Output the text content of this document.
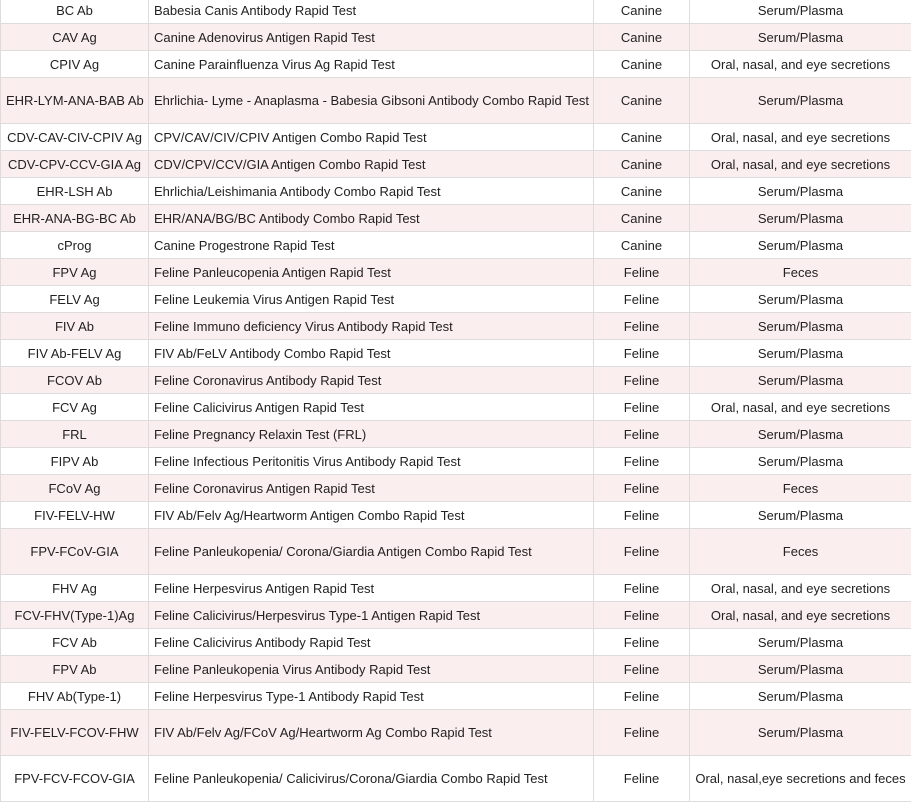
BC Ab	Babesia Canis Antibody Rapid Test	Canine	Serum/Plasma
CAV Ag	Canine Adenovirus Antigen Rapid Test	Canine	Serum/Plasma
CPIV Ag	Canine Parainfluenza Virus Ag Rapid Test	Canine	Oral, nasal, and eye secretions
EHR-LYM-ANA-BAB Ab	Ehrlichia- Lyme - Anaplasma - Babesia Gibsoni Antibody Combo Rapid Test	Canine	Serum/Plasma
CDV-CAV-CIV-CPIV Ag	CPV/CAV/CIV/CPIV Antigen Combo Rapid Test	Canine	Oral, nasal, and eye secretions
CDV-CPV-CCV-GIA Ag	CDV/CPV/CCV/GIA Antigen Combo Rapid Test	Canine	Oral, nasal, and eye secretions
EHR-LSH Ab	Ehrlichia/Leishimania Antibody Combo Rapid Test	Canine	Serum/Plasma
EHR-ANA-BG-BC Ab	EHR/ANA/BG/BC Antibody Combo Rapid Test	Canine	Serum/Plasma
cProg	Canine Progestrone Rapid Test	Canine	Serum/Plasma
FPV Ag	Feline Panleucopenia Antigen Rapid Test	Feline	Feces
FELV Ag	Feline Leukemia Virus Antigen Rapid Test	Feline	Serum/Plasma
FIV Ab	Feline Immuno deficiency Virus Antibody Rapid Test	Feline	Serum/Plasma
FIV Ab-FELV Ag	FIV Ab/FeLV Antibody Combo Rapid Test	Feline	Serum/Plasma
FCOV Ab	Feline Coronavirus Antibody Rapid Test	Feline	Serum/Plasma
FCV Ag	Feline Calicivirus Antigen Rapid Test	Feline	Oral, nasal, and eye secretions
FRL	Feline Pregnancy Relaxin Test (FRL)	Feline	Serum/Plasma
FIPV Ab	Feline Infectious Peritonitis Virus Antibody Rapid Test	Feline	Serum/Plasma
FCoV Ag	Feline Coronavirus Antigen Rapid Test	Feline	Feces
FIV-FELV-HW	FIV Ab/Felv Ag/Heartworm Antigen Combo Rapid Test	Feline	Serum/Plasma
FPV-FCoV-GIA	Feline Panleukopenia/ Corona/Giardia Antigen Combo Rapid Test	Feline	Feces
FHV Ag	Feline Herpesvirus Antigen Rapid Test	Feline	Oral, nasal, and eye secretions
FCV-FHV(Type-1)Ag	Feline Calicivirus/Herpesvirus Type-1 Antigen Rapid Test	Feline	Oral, nasal, and eye secretions
FCV Ab	Feline Calicivirus Antibody Rapid Test	Feline	Serum/Plasma
FPV Ab	Feline Panleukopenia Virus Antibody Rapid Test	Feline	Serum/Plasma
FHV Ab(Type-1)	Feline Herpesvirus Type-1 Antibody Rapid Test	Feline	Serum/Plasma
FIV-FELV-FCOV-FHW	FIV Ab/Felv Ag/FCoV Ag/Heartworm Ag Combo Rapid Test	Feline	Serum/Plasma
FPV-FCV-FCOV-GIA	Feline Panleukopenia/ Calicivirus/Corona/Giardia Combo Rapid Test	Feline	Oral, nasal,eye secretions and feces
